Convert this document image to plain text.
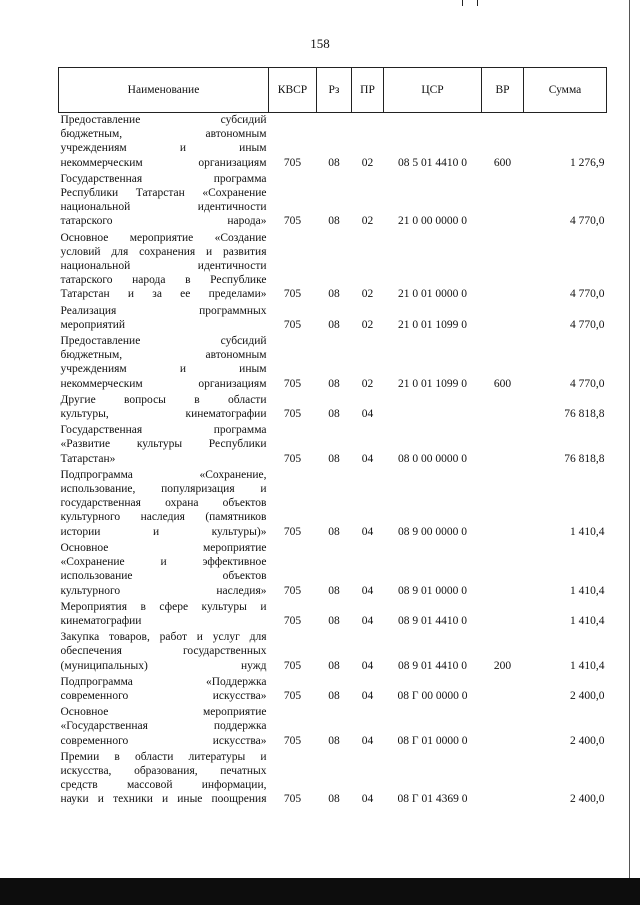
158
Наименование	КВСР	Рз	ПР	ЦСР	ВР	Сумма
Предоставление субсидий
бюджетным, автономным
учреждениям и иным
некоммерческим организациям	705	08	02	08 5 01 4410 0	600	1 276,9
Государственная программа
Республики Татарстан «Сохранение
национальной идентичности
татарского народа»	705	08	02	21 0 00 0000 0		4 770,0
Основное мероприятие «Создание
условий для сохранения и развития
национальной идентичности
татарского народа в Республике
Татарстан и за ее пределами»	705	08	02	21 0 01 0000 0		4 770,0
Реализация программных
мероприятий	705	08	02	21 0 01 1099 0		4 770,0
Предоставление субсидий
бюджетным, автономным
учреждениям и иным
некоммерческим организациям	705	08	02	21 0 01 1099 0	600	4 770,0
Другие вопросы в области
культуры, кинематографии	705	08	04			76 818,8
Государственная программа
«Развитие культуры Республики
Татарстан»	705	08	04	08 0 00 0000 0		76 818,8
Подпрограмма «Сохранение,
использование, популяризация и
государственная охрана объектов
культурного наследия (памятников
истории и культуры)»	705	08	04	08 9 00 0000 0		1 410,4
Основное мероприятие
«Сохранение и эффективное
использование объектов
культурного наследия»	705	08	04	08 9 01 0000 0		1 410,4
Мероприятия в сфере культуры и
кинематографии	705	08	04	08 9 01 4410 0		1 410,4
Закупка товаров, работ и услуг для
обеспечения государственных
(муниципальных) нужд	705	08	04	08 9 01 4410 0	200	1 410,4
Подпрограмма «Поддержка
современного искусства»	705	08	04	08 Г 00 0000 0		2 400,0
Основное мероприятие
«Государственная поддержка
современного искусства»	705	08	04	08 Г 01 0000 0		2 400,0
Премии в области литературы и
искусства, образования, печатных
средств массовой информации,
науки и техники и иные поощрения	705	08	04	08 Г 01 4369 0		2 400,0
